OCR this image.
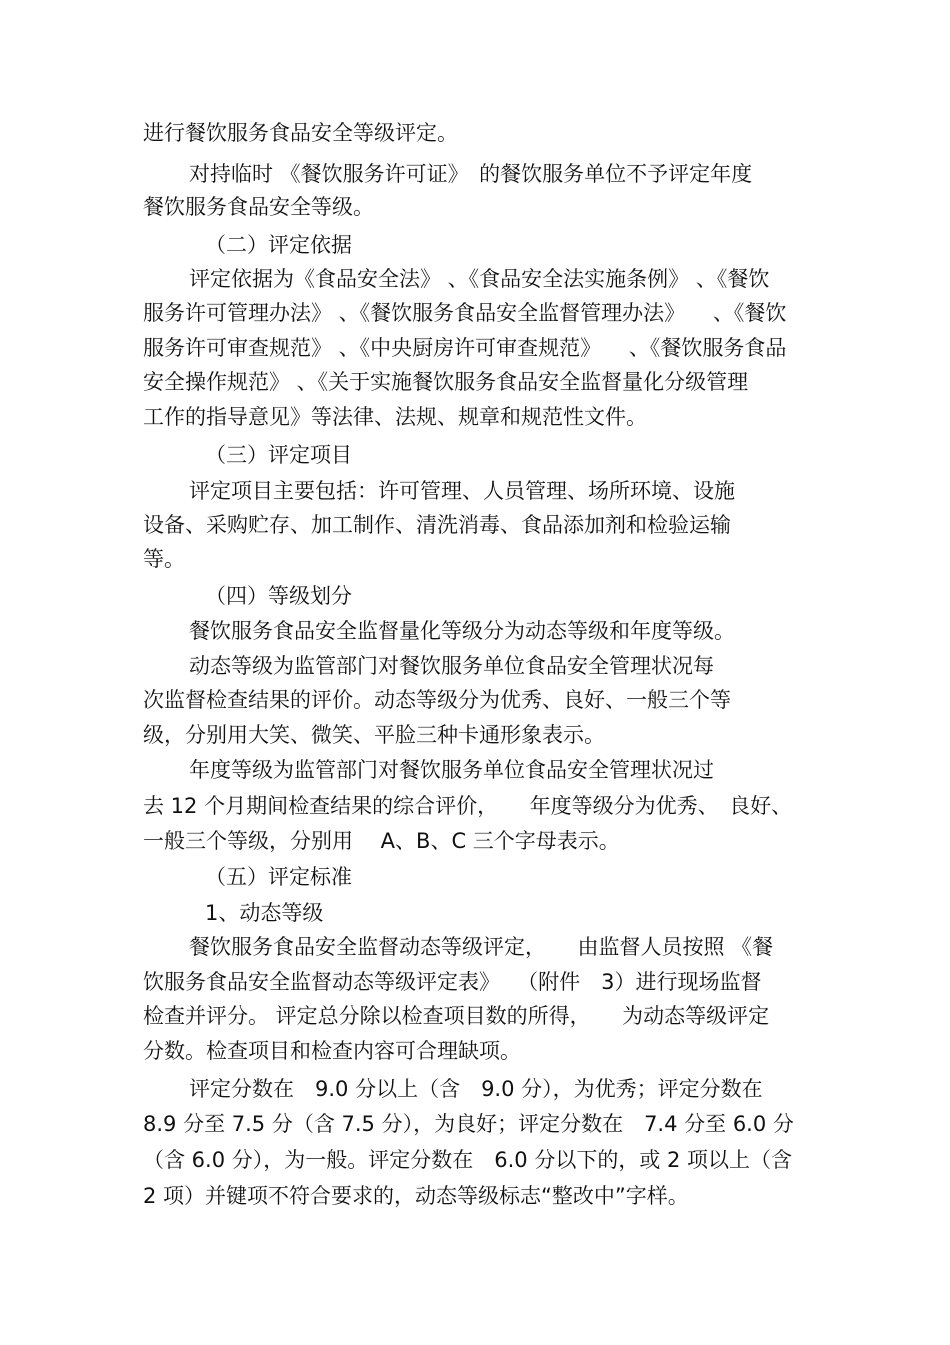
进行餐饮服务食品安全等级评定。

对持临时 《餐饮服务许可证》　的餐饮服务单位不予评定年度

餐饮服务食品安全等级。

（二）评定依据

评定依据为《食品安全法》 、《食品安全法实施条例》 、《餐饮

服务许可管理办法》 、《餐饮服务食品安全监督管理办法》 　、《餐饮

服务许可审查规范》 、《中央厨房许可审查规范》 　、《餐饮服务食品

安全操作规范》 、《关于实施餐饮服务食品安全监督量化分级管理

工作的指导意见》等法律、法规、规章和规范性文件。

（三）评定项目

评定项目主要包括：许可管理、人员管理、场所环境、设施

设备、采购贮存、加工制作、清洗消毒、食品添加剂和检验运输

等。

（四）等级划分

餐饮服务食品安全监督量化等级分为动态等级和年度等级。

动态等级为监管部门对餐饮服务单位食品安全管理状况每

次监督检查结果的评价。动态等级分为优秀、良好、一般三个等

级，分别用大笑、微笑、平脸三种卡通形象表示。

年度等级为监管部门对餐饮服务单位食品安全管理状况过

去 12 个月期间检查结果的综合评价，　　年度等级分为优秀、　良好、

一般三个等级，分别用　 A、B、C 三个字母表示。

（五）评定标准

1、动态等级

餐饮服务食品安全监督动态等级评定，　　由监督人员按照 《餐

饮服务食品安全监督动态等级评定表》 　（附件　3）进行现场监督

检查并评分。 评定总分除以检查项目数的所得，　　为动态等级评定

分数。检查项目和检查内容可合理缺项。

评定分数在　9.0 分以上（含　9.0 分），为优秀；评定分数在

8.9 分至 7.5 分（含 7.5 分），为良好；评定分数在　7.4 分至 6.0 分

（含 6.0 分），为一般。评定分数在　6.0 分以下的，或 2 项以上（含

2 项）并键项不符合要求的，动态等级标志“整改中”字样。
